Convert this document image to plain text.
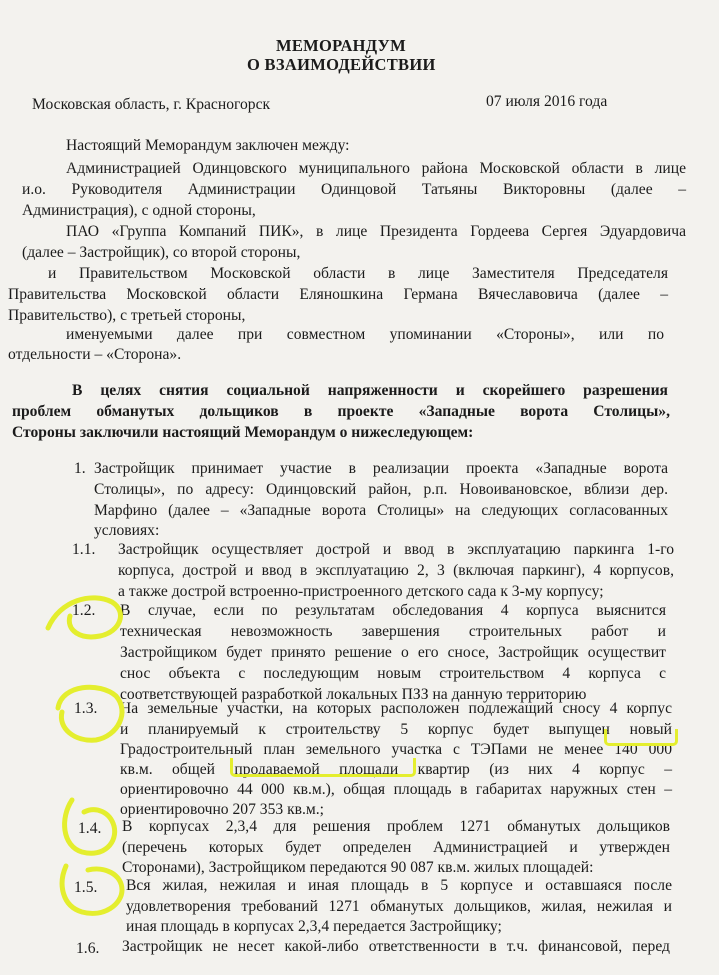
МЕМОРАНДУМ
О ВЗАИМОДЕЙСТВИИ
Московская область, г. Красногорск	07 июля 2016 года
Настоящий Меморандум заключен между:
Администрацией Одинцовского муниципального района Московской области в лице
и.о. Руководителя Администрации Одинцовой Татьяны Викторовны (далее –
Администрация), с одной стороны,
ПАО «Группа Компаний ПИК», в лице Президента Гордеева Сергея Эдуардовича
(далее – Застройщик), со второй стороны,
и Правительством Московской области в лице Заместителя Председателя
Правительства Московской области Еляношкина Германа Вячеславовича (далее –
Правительство), с третьей стороны,
именуемыми далее при совместном упоминании «Стороны», или по
отдельности – «Сторона».
В целях снятия социальной напряженности и скорейшего разрешения
проблем обманутых дольщиков в проекте «Западные ворота Столицы»,
Стороны заключили настоящий Меморандум о нижеследующем:
1. Застройщик принимает участие в реализации проекта «Западные ворота
Столицы», по адресу: Одинцовский район, р.п. Новоивановское, вблизи дер.
Марфино (далее – «Западные ворота Столицы» на следующих согласованных
условиях:
1.1. Застройщик осуществляет дострой и ввод в эксплуатацию паркинга 1-го
корпуса, дострой и ввод в эксплуатацию 2, 3 (включая паркинг), 4 корпусов,
а также дострой встроенно-пристроенного детского сада к 3-му корпусу;
1.2. В случае, если по результатам обследования 4 корпуса выяснится
техническая невозможность завершения строительных работ и
Застройщиком будет принято решение о его сносе, Застройщик осуществит
снос объекта с последующим новым строительством 4 корпуса с
соответствующей разработкой локальных ПЗЗ на данную территорию
1.3. На земельные участки, на которых расположен подлежащий сносу 4 корпус
и планируемый к строительству 5 корпус будет выпущен новый
Градостроительный план земельного участка с ТЭПами не менее 140 000
кв.м. общей продаваемой площади квартир (из них 4 корпус –
ориентировочно 44 000 кв.м.), общая площадь в габаритах наружных стен –
ориентировочно 207 353 кв.м.;
1.4. В корпусах 2,3,4 для решения проблем 1271 обманутых дольщиков
(перечень которых будет определен Администрацией и утвержден
Сторонами), Застройщиком передаются 90 087 кв.м. жилых площадей:
1.5. Вся жилая, нежилая и иная площадь в 5 корпусе и оставшаяся после
удовлетворения требований 1271 обманутых дольщиков, жилая, нежилая и
иная площадь в корпусах 2,3,4 передается Застройщику;
1.6. Застройщик не несет какой-либо ответственности в т.ч. финансовой, перед
